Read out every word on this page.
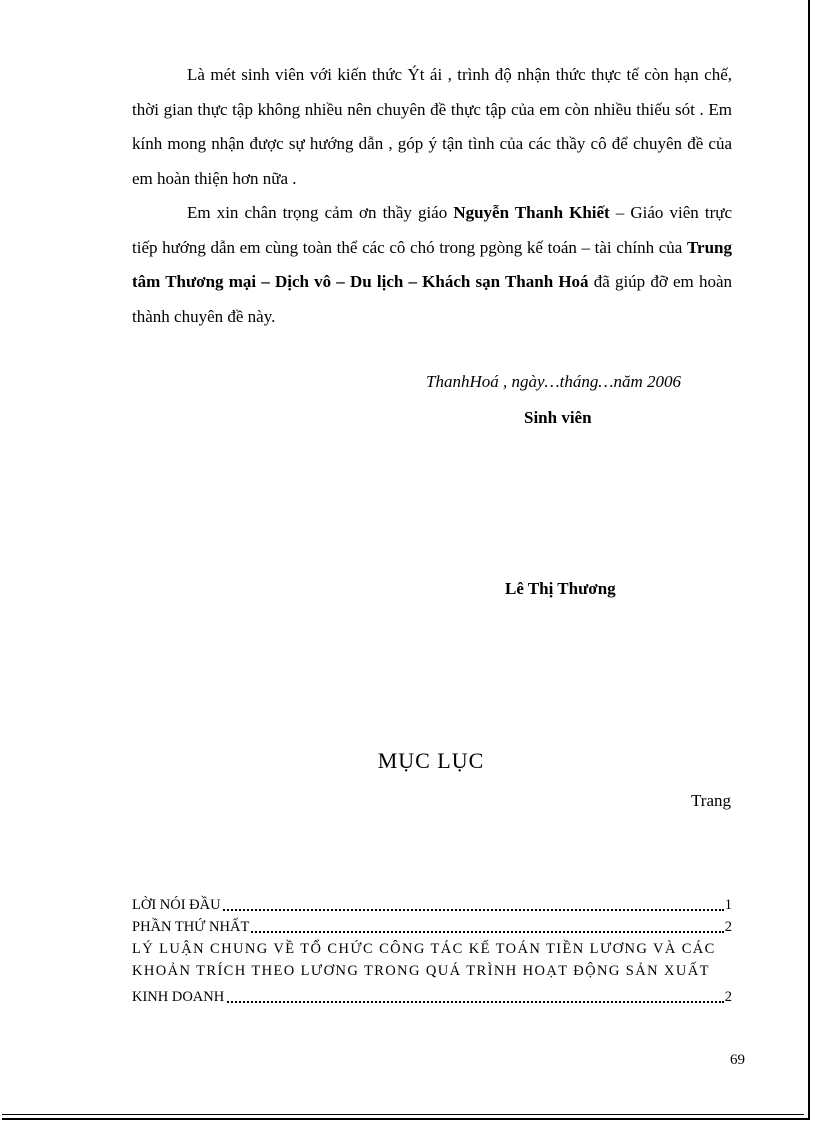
Là mét sinh viên với kiến thức Ýt ái , trình độ nhận thức thực tế còn hạn chế, thời gian thực tập không nhiều nên chuyên đề thực tập của em còn nhiều thiếu sót . Em kính mong nhận được sự hướng dẫn , góp ý tận tình của các thầy cô để chuyên đề của em hoàn thiện hơn nữa .

Em xin chân trọng cảm ơn thầy giáo Nguyễn Thanh Khiết – Giáo viên trực tiếp hướng dẫn em cùng toàn thể các cô chó trong pgòng kế toán – tài chính của Trung tâm Thương mại – Dịch vô – Du lịch – Khách sạn Thanh Hoá đã giúp đỡ em hoàn thành chuyên đề này.

ThanhHoá , ngày…tháng…năm 2006
Sinh viên
Lê Thị Thương
MỤC LỤC
Trang
LỜI NÓI ĐẦU	1
PHẦN THỨ NHẤT	2
LÝ LUẬN CHUNG VỀ TỔ CHỨC CÔNG TÁC KẾ TOÁN TIỀN LƯƠNG VÀ CÁC
KHOẢN TRÍCH THEO LƯƠNG TRONG QUÁ TRÌNH HOẠT ĐỘNG SẢN XUẤT
KINH DOANH	2
69
